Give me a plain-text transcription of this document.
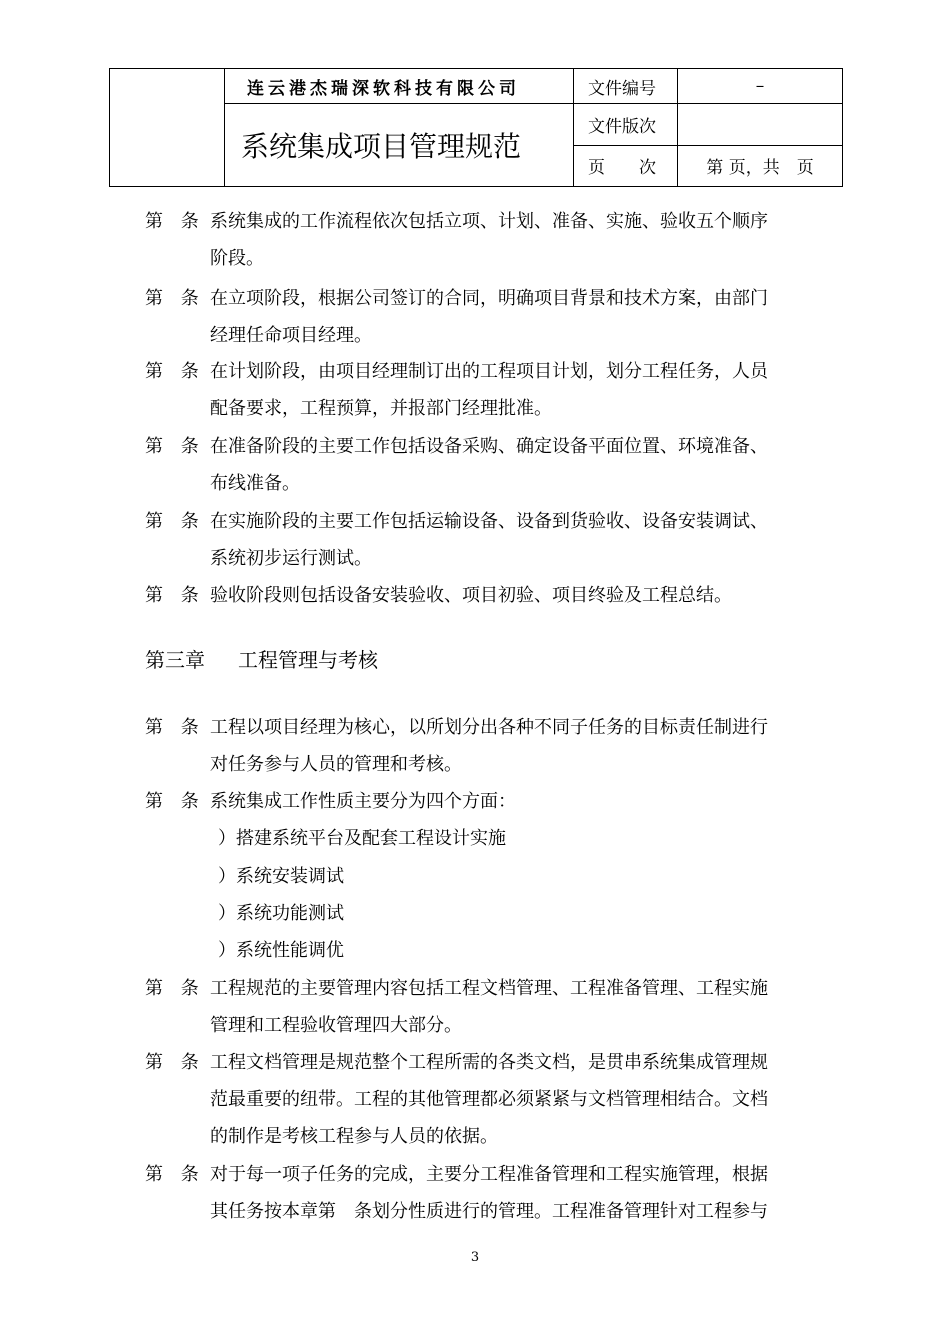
	连云港杰瑞深软科技有限公司	文件编号	–
	系统集成项目管理规范	文件版次	
		页　　次	第 页，共　页
第 条 系统集成的工作流程依次包括立项、计划、准备、实施、验收五个顺序
阶段。
第 条 在立项阶段，根据公司签订的合同，明确项目背景和技术方案，由部门
经理任命项目经理。
第 条 在计划阶段，由项目经理制订出的工程项目计划，划分工程任务，人员
配备要求，工程预算，并报部门经理批准。
第 条 在准备阶段的主要工作包括设备采购、确定设备平面位置、环境准备、
布线准备。
第 条 在实施阶段的主要工作包括运输设备、设备到货验收、设备安装调试、
系统初步运行测试。
第 条 验收阶段则包括设备安装验收、项目初验、项目终验及工程总结。
第三章 工程管理与考核
第 条 工程以项目经理为核心，以所划分出各种不同子任务的目标责任制进行
对任务参与人员的管理和考核。
第 条 系统集成工作性质主要分为四个方面：
）搭建系统平台及配套工程设计实施
）系统安装调试
）系统功能测试
）系统性能调优
第 条 工程规范的主要管理内容包括工程文档管理、工程准备管理、工程实施
管理和工程验收管理四大部分。
第 条 工程文档管理是规范整个工程所需的各类文档，是贯串系统集成管理规
范最重要的纽带。工程的其他管理都必须紧紧与文档管理相结合。文档
的制作是考核工程参与人员的依据。
第 条 对于每一项子任务的完成，主要分工程准备管理和工程实施管理，根据
其任务按本章第　条划分性质进行的管理。工程准备管理针对工程参与
3
